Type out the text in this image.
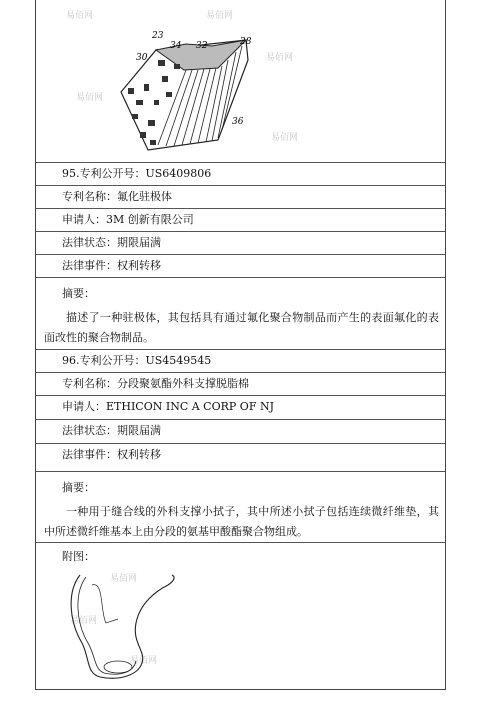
易佰网	易佰网
易佰网
易佰网
易佰网
30
23
34 32	28
36
95.专利公开号：US6409806
专利名称：氟化驻极体
申请人：3M 创新有限公司
法律状态：期限届满
法律事件：权利转移
摘要：
描述了一种驻极体，其包括具有通过氟化聚合物制品而产生的表面氟化的表面改性的聚合物制品。
96.专利公开号：US4549545
专利名称：分段聚氨酯外科支撑脱脂棉
申请人：ETHICON INC A CORP OF NJ
法律状态：期限届满
法律事件：权利转移
摘要：
一种用于缝合线的外科支撑小拭子，其中所述小拭子包括连续微纤维垫，其中所述微纤维基本上由分段的氨基甲酸酯聚合物组成。
附图：
易佰网
易佰网
易佰网
